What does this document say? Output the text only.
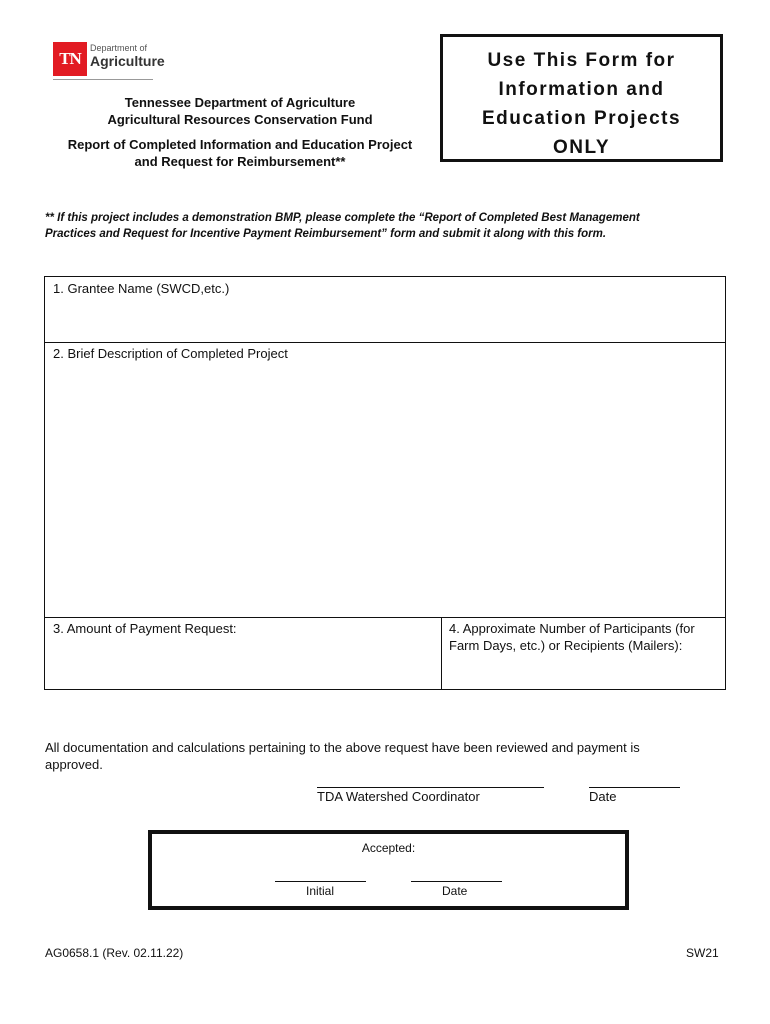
TN
Department of
Agriculture
Tennessee Department of Agriculture
Agricultural Resources Conservation Fund
Report of Completed Information and Education Project
and Request for Reimbursement**
Use This Form for
Information and
Education Projects
ONLY
** If this project includes a demonstration BMP, please complete the “Report of Completed Best Management
Practices and Request for Incentive Payment Reimbursement” form and submit it along with this form.
1. Grantee Name (SWCD,etc.)
2. Brief Description of Completed Project
3. Amount of Payment Request:	4. Approximate Number of Participants (for
Farm Days, etc.) or Recipients (Mailers):
All documentation and calculations pertaining to the above request have been reviewed and payment is
approved.
TDA Watershed Coordinator	Date
Accepted:
Initial	Date
AG0658.1 (Rev. 02.11.22)	SW21
